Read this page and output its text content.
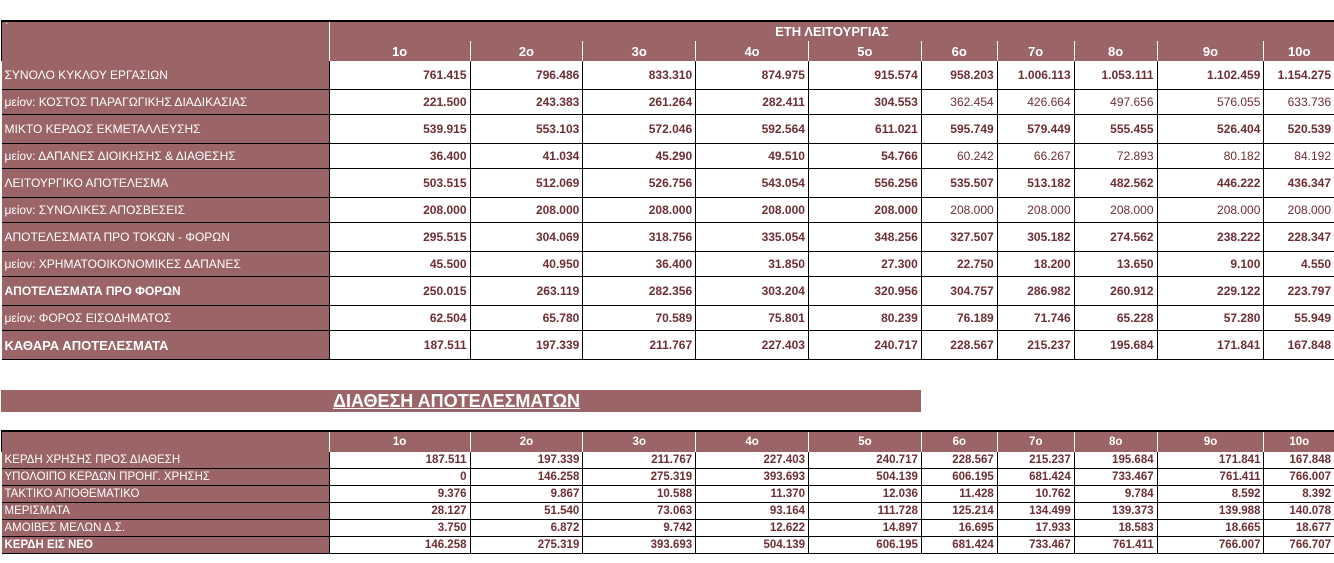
`	ΕΤΗ ΛΕΙΤΟΥΡΓΙΑΣ									
	1ο	2ο	3ο	4ο	5ο	6ο	7ο	8ο	9ο	10ο
ΣΥΝΟΛΟ ΚΥΚΛΟΥ ΕΡΓΑΣΙΩΝ	761.415	796.486	833.310	874.975	915.574	958.203	1.006.113	1.053.111	1.102.459	1.154.275
μείον: ΚΟΣΤΟΣ ΠΑΡΑΓΩΓΙΚΗΣ ΔΙΑΔΙΚΑΣΙΑΣ	221.500	243.383	261.264	282.411	304.553	362.454	426.664	497.656	576.055	633.736
ΜΙΚΤΟ ΚΕΡΔΟΣ ΕΚΜΕΤΑΛΛΕΥΣΗΣ	539.915	553.103	572.046	592.564	611.021	595.749	579.449	555.455	526.404	520.539
μείον: ΔΑΠΑΝΕΣ ΔΙΟΙΚΗΣΗΣ & ΔΙΑΘΕΣΗΣ	36.400	41.034	45.290	49.510	54.766	60.242	66.267	72.893	80.182	84.192
ΛΕΙΤΟΥΡΓΙΚΟ ΑΠΟΤΕΛΕΣΜΑ	503.515	512.069	526.756	543.054	556.256	535.507	513.182	482.562	446.222	436.347
μείον: ΣΥΝΟΛΙΚΕΣ ΑΠΟΣΒΕΣΕΙΣ	208.000	208.000	208.000	208.000	208.000	208.000	208.000	208.000	208.000	208.000
ΑΠΟΤΕΛΕΣΜΑΤΑ ΠΡΟ ΤΟΚΩΝ - ΦΟΡΩΝ	295.515	304.069	318.756	335.054	348.256	327.507	305.182	274.562	238.222	228.347
μείον: ΧΡΗΜΑΤΟΟΙΚΟΝΟΜΙΚΕΣ ΔΑΠΑΝΕΣ	45.500	40.950	36.400	31.850	27.300	22.750	18.200	13.650	9.100	4.550
ΑΠΟΤΕΛΕΣΜΑΤΑ ΠΡΟ ΦΟΡΩΝ	250.015	263.119	282.356	303.204	320.956	304.757	286.982	260.912	229.122	223.797
μείον: ΦΟΡΟΣ ΕΙΣΟΔΗΜΑΤΟΣ	62.504	65.780	70.589	75.801	80.239	76.189	71.746	65.228	57.280	55.949
ΚΑΘΑΡΑ ΑΠΟΤΕΛΕΣΜΑΤΑ	187.511	197.339	211.767	227.403	240.717	228.567	215.237	195.684	171.841	167.848
ΔΙΑΘΕΣΗ ΑΠΟΤΕΛΕΣΜΑΤΩΝ
	1ο	2ο	3ο	4ο	5ο	6ο	7ο	8ο	9ο	10ο
ΚΕΡΔΗ ΧΡΗΣΗΣ ΠΡΟΣ ΔΙΑΘΕΣΗ	187.511	197.339	211.767	227.403	240.717	228.567	215.237	195.684	171.841	167.848
ΥΠΟΛΟΙΠΟ ΚΕΡΔΩΝ ΠΡΟΗΓ. ΧΡΗΣΗΣ	0	146.258	275.319	393.693	504.139	606.195	681.424	733.467	761.411	766.007
ΤΑΚΤΙΚΟ ΑΠΟΘΕΜΑΤΙΚΟ	9.376	9.867	10.588	11.370	12.036	11.428	10.762	9.784	8.592	8.392
ΜΕΡΙΣΜΑΤΑ	28.127	51.540	73.063	93.164	111.728	125.214	134.499	139.373	139.988	140.078
ΑΜΟΙΒΕΣ ΜΕΛΩΝ Δ.Σ.	3.750	6.872	9.742	12.622	14.897	16.695	17.933	18.583	18.665	18.677
ΚΕΡΔΗ ΕΙΣ ΝΕΟ	146.258	275.319	393.693	504.139	606.195	681.424	733.467	761.411	766.007	766.707
